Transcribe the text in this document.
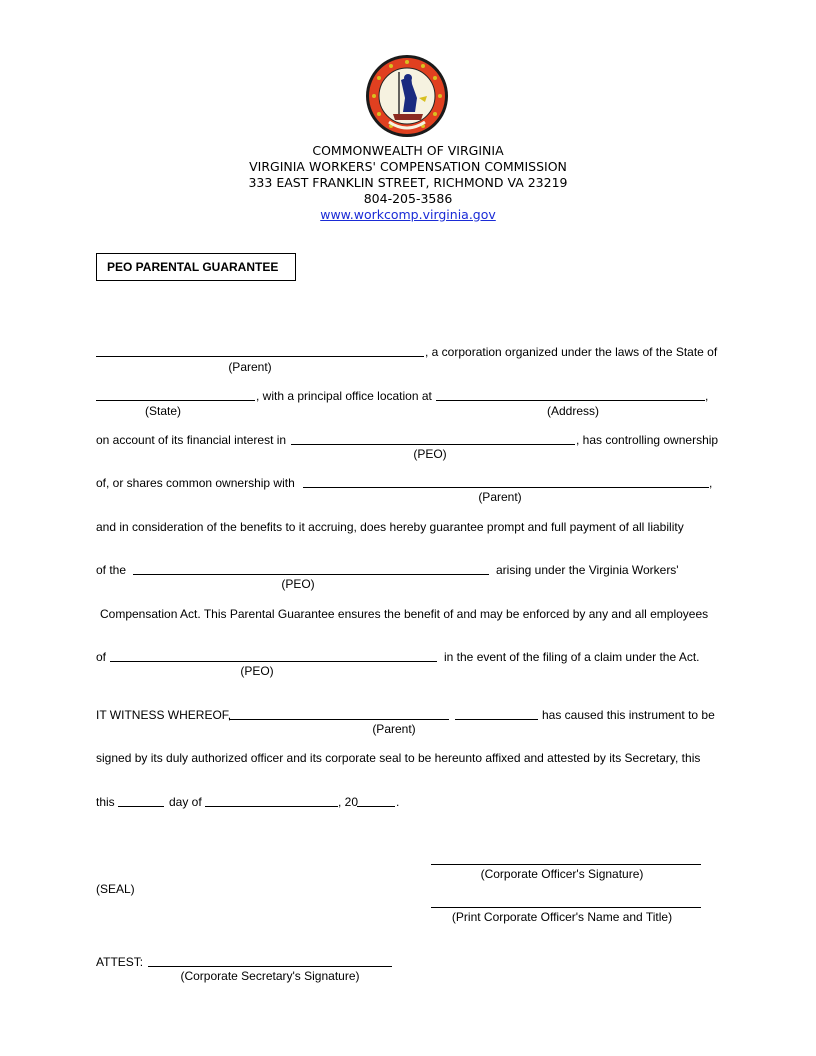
COMMONWEALTH OF VIRGINIA
VIRGINIA WORKERS' COMPENSATION COMMISSION
333 EAST FRANKLIN STREET, RICHMOND VA 23219
804-205-3586
www.workcomp.virginia.gov
PEO PARENTAL GUARANTEE
, a corporation organized under the laws of the State of
(Parent)
, with a principal office location at	,
(State)	(Address)
on account of its financial interest in	, has controlling ownership
(PEO)
of, or shares common ownership with	,
(Parent)
and in consideration of the benefits to it accruing, does hereby guarantee prompt and full payment of all liability
of the	arising under the Virginia Workers'
(PEO)
Compensation Act. This Parental Guarantee ensures the benefit of and may be enforced by any and all employees
of	in the event of the filing of a claim under the Act.
(PEO)
IT WITNESS WHEREOF,	has caused this instrument to be
(Parent)
signed by its duly authorized officer and its corporate seal to be hereunto affixed and attested by its Secretary, this
this	day of	, 20	.
(Corporate Officer's Signature)
(SEAL)
(Print Corporate Officer's Name and Title)
ATTEST:
(Corporate Secretary's Signature)
